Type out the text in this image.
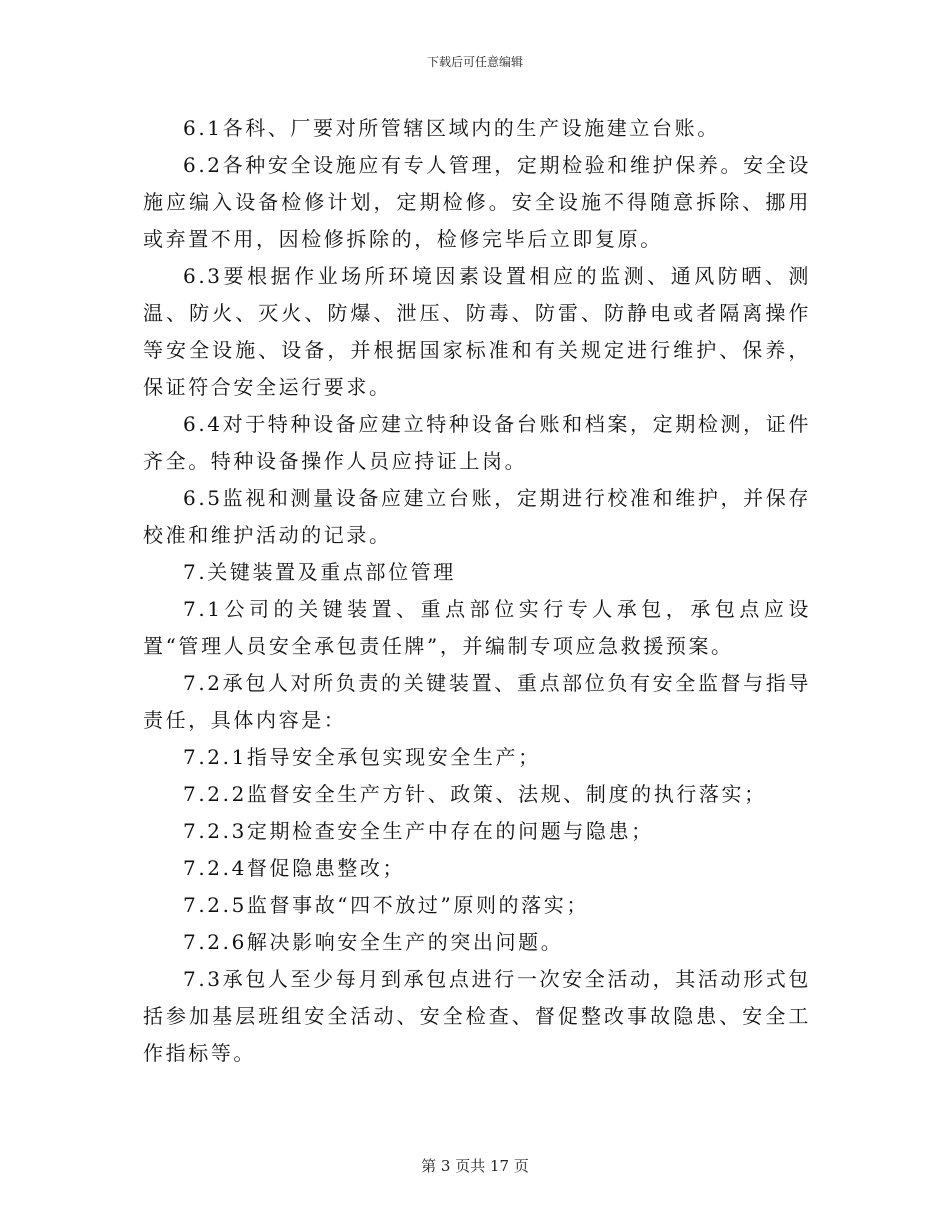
下载后可任意编辑

6.1各科、厂要对所管辖区域内的生产设施建立台账。

6.2各种安全设施应有专人管理，定期检验和维护保养。安全设施应编入设备检修计划，定期检修。安全设施不得随意拆除、挪用或弃置不用，因检修拆除的，检修完毕后立即复原。

6.3要根据作业场所环境因素设置相应的监测、通风防晒、测温、防火、灭火、防爆、泄压、防毒、防雷、防静电或者隔离操作等安全设施、设备，并根据国家标准和有关规定进行维护、保养，保证符合安全运行要求。

6.4对于特种设备应建立特种设备台账和档案，定期检测，证件齐全。特种设备操作人员应持证上岗。

6.5监视和测量设备应建立台账，定期进行校准和维护，并保存校准和维护活动的记录。

7.关键装置及重点部位管理

7.1公司的关键装置、重点部位实行专人承包，承包点应设置“管理人员安全承包责任牌”，并编制专项应急救援预案。

7.2承包人对所负责的关键装置、重点部位负有安全监督与指导责任，具体内容是：

7.2.1指导安全承包实现安全生产；

7.2.2监督安全生产方针、政策、法规、制度的执行落实；

7.2.3定期检查安全生产中存在的问题与隐患；

7.2.4督促隐患整改；

7.2.5监督事故“四不放过”原则的落实；

7.2.6解决影响安全生产的突出问题。

7.3承包人至少每月到承包点进行一次安全活动，其活动形式包括参加基层班组安全活动、安全检查、督促整改事故隐患、安全工作指标等。

第 3 页共 17 页
